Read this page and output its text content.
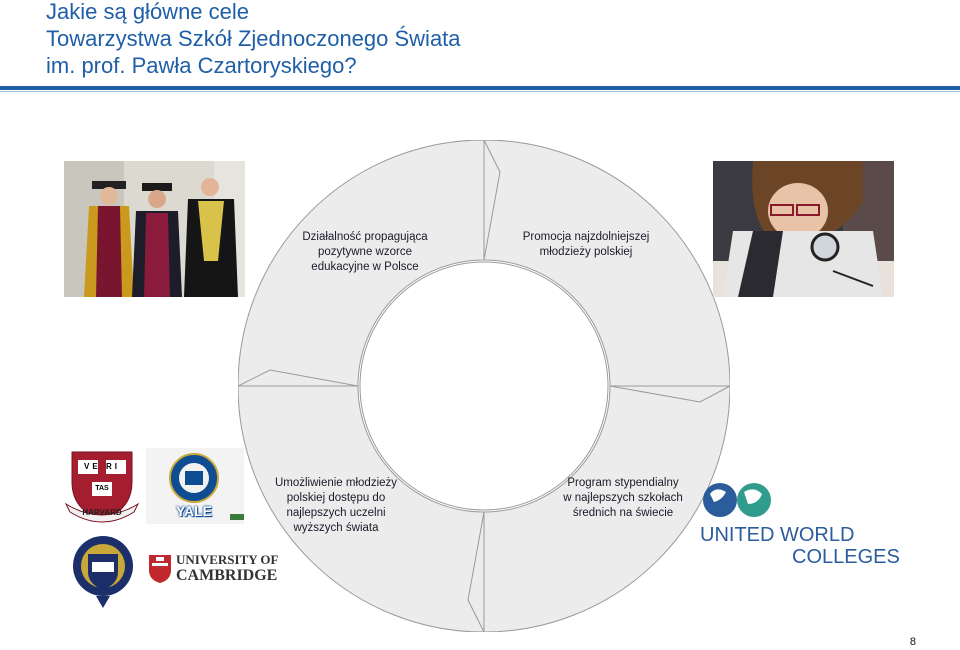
Jakie są główne cele
Towarzystwa Szkół Zjednoczonego Świata
im. prof. Pawła Czartoryskiego?
Działalność propagująca
pozytywne wzorce
edukacyjne w Polsce
Promocja najzdolniejszej
młodzieży polskiej
Program stypendialny
w najlepszych szkołach
średnich na świecie
Umożliwienie młodzieży
polskiej dostępu do
najlepszych uczelni
wyższych świata
VE RI
TAS
HARVARD	YALE
UNIVERSITY OF
CAMBRIDGE
UNITED WORLD
COLLEGES
8
